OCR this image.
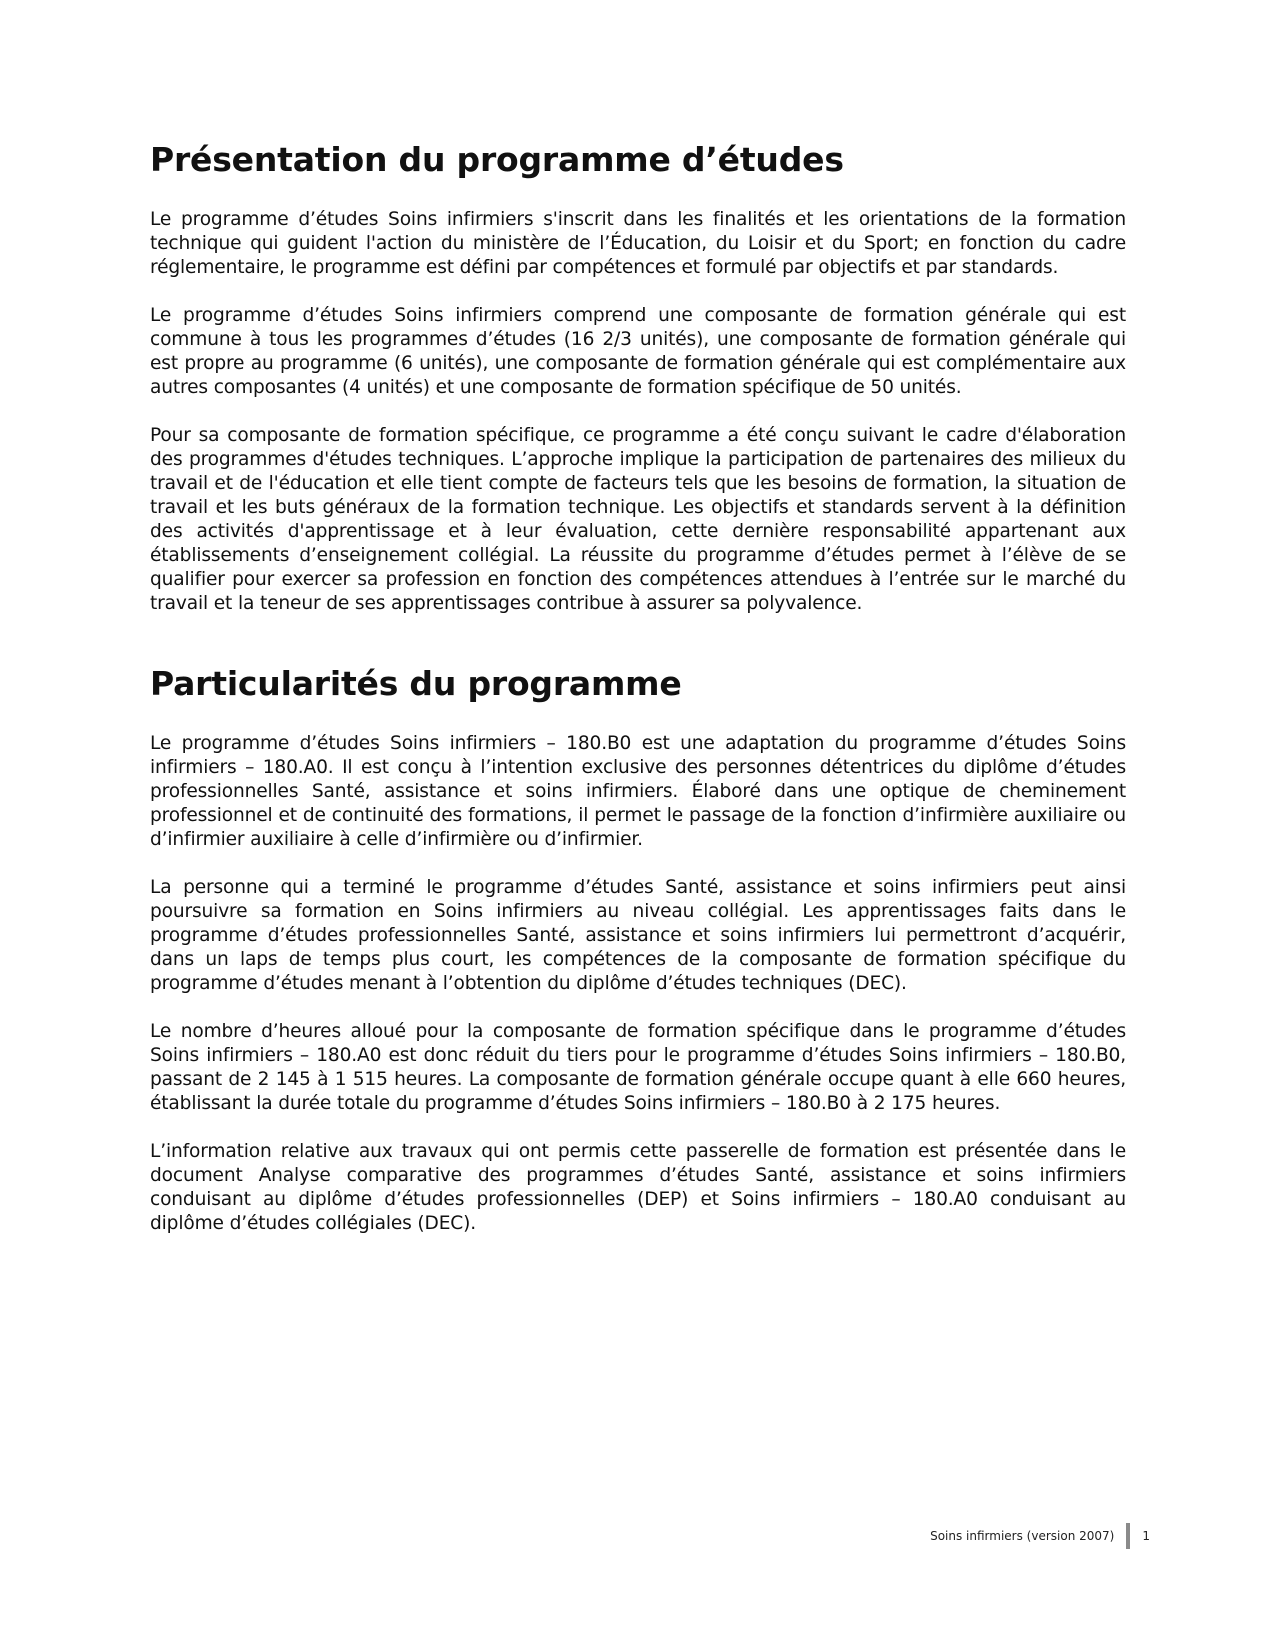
Présentation du programme d’études

Le programme d’études Soins infirmiers s'inscrit dans les finalités et les orientations de la formation technique qui guident l'action du ministère de l’Éducation, du Loisir et du Sport; en fonction du cadre réglementaire, le programme est défini par compétences et formulé par objectifs et par standards.

Le programme d’études Soins infirmiers comprend une composante de formation générale qui est commune à tous les programmes d’études (16 2/3 unités), une composante de formation générale qui est propre au programme (6 unités), une composante de formation générale qui est complémentaire aux autres composantes (4 unités) et une composante de formation spécifique de 50 unités.

Pour sa composante de formation spécifique, ce programme a été conçu suivant le cadre d'élaboration des programmes d'études techniques. L’approche implique la participation de partenaires des milieux du travail et de l'éducation et elle tient compte de facteurs tels que les besoins de formation, la situation de travail et les buts généraux de la formation technique. Les objectifs et standards servent à la définition des activités d'apprentissage et à leur évaluation, cette dernière responsabilité appartenant aux établissements d’enseignement collégial. La réussite du programme d’études permet à l’élève de se qualifier pour exercer sa profession en fonction des compétences attendues à l’entrée sur le marché du travail et la teneur de ses apprentissages contribue à assurer sa polyvalence.

Particularités du programme

Le programme d’études Soins infirmiers – 180.B0 est une adaptation du programme d’études Soins infirmiers – 180.A0. Il est conçu à l’intention exclusive des personnes détentrices du diplôme d’études professionnelles Santé, assistance et soins infirmiers. Élaboré dans une optique de cheminement professionnel et de continuité des formations, il permet le passage de la fonction d’infirmière auxiliaire ou d’infirmier auxiliaire à celle d’infirmière ou d’infirmier.

La personne qui a terminé le programme d’études Santé, assistance et soins infirmiers peut ainsi poursuivre sa formation en Soins infirmiers au niveau collégial. Les apprentissages faits dans le programme d’études professionnelles Santé, assistance et soins infirmiers lui permettront d’acquérir, dans un laps de temps plus court, les compétences de la composante de formation spécifique du programme d’études menant à l’obtention du diplôme d’études techniques (DEC).

Le nombre d’heures alloué pour la composante de formation spécifique dans le programme d’études Soins infirmiers – 180.A0 est donc réduit du tiers pour le programme d’études Soins infirmiers – 180.B0, passant de 2 145 à 1 515 heures. La composante de formation générale occupe quant à elle 660 heures, établissant la durée totale du programme d’études Soins infirmiers – 180.B0 à 2 175 heures.

L’information relative aux travaux qui ont permis cette passerelle de formation est présentée dans le document Analyse comparative des programmes d’études Santé, assistance et soins infirmiers conduisant au diplôme d’études professionnelles (DEP) et Soins infirmiers – 180.A0 conduisant au diplôme d’études collégiales (DEC).

Soins infirmiers (version 2007) 1
